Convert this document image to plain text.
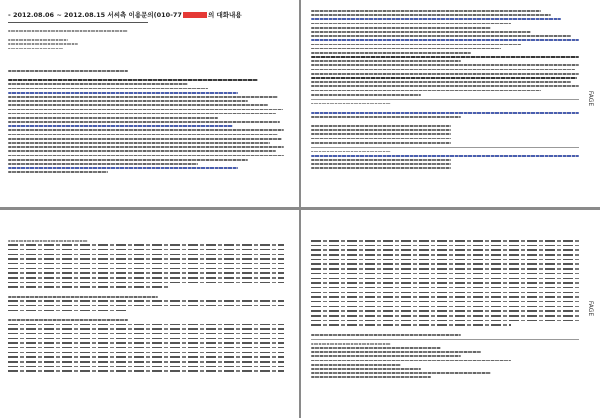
- 2012.08.06 ~ 2012.08.15 서씨측 이용문의(010-77	의 대화내용
FAGE
FAGE
